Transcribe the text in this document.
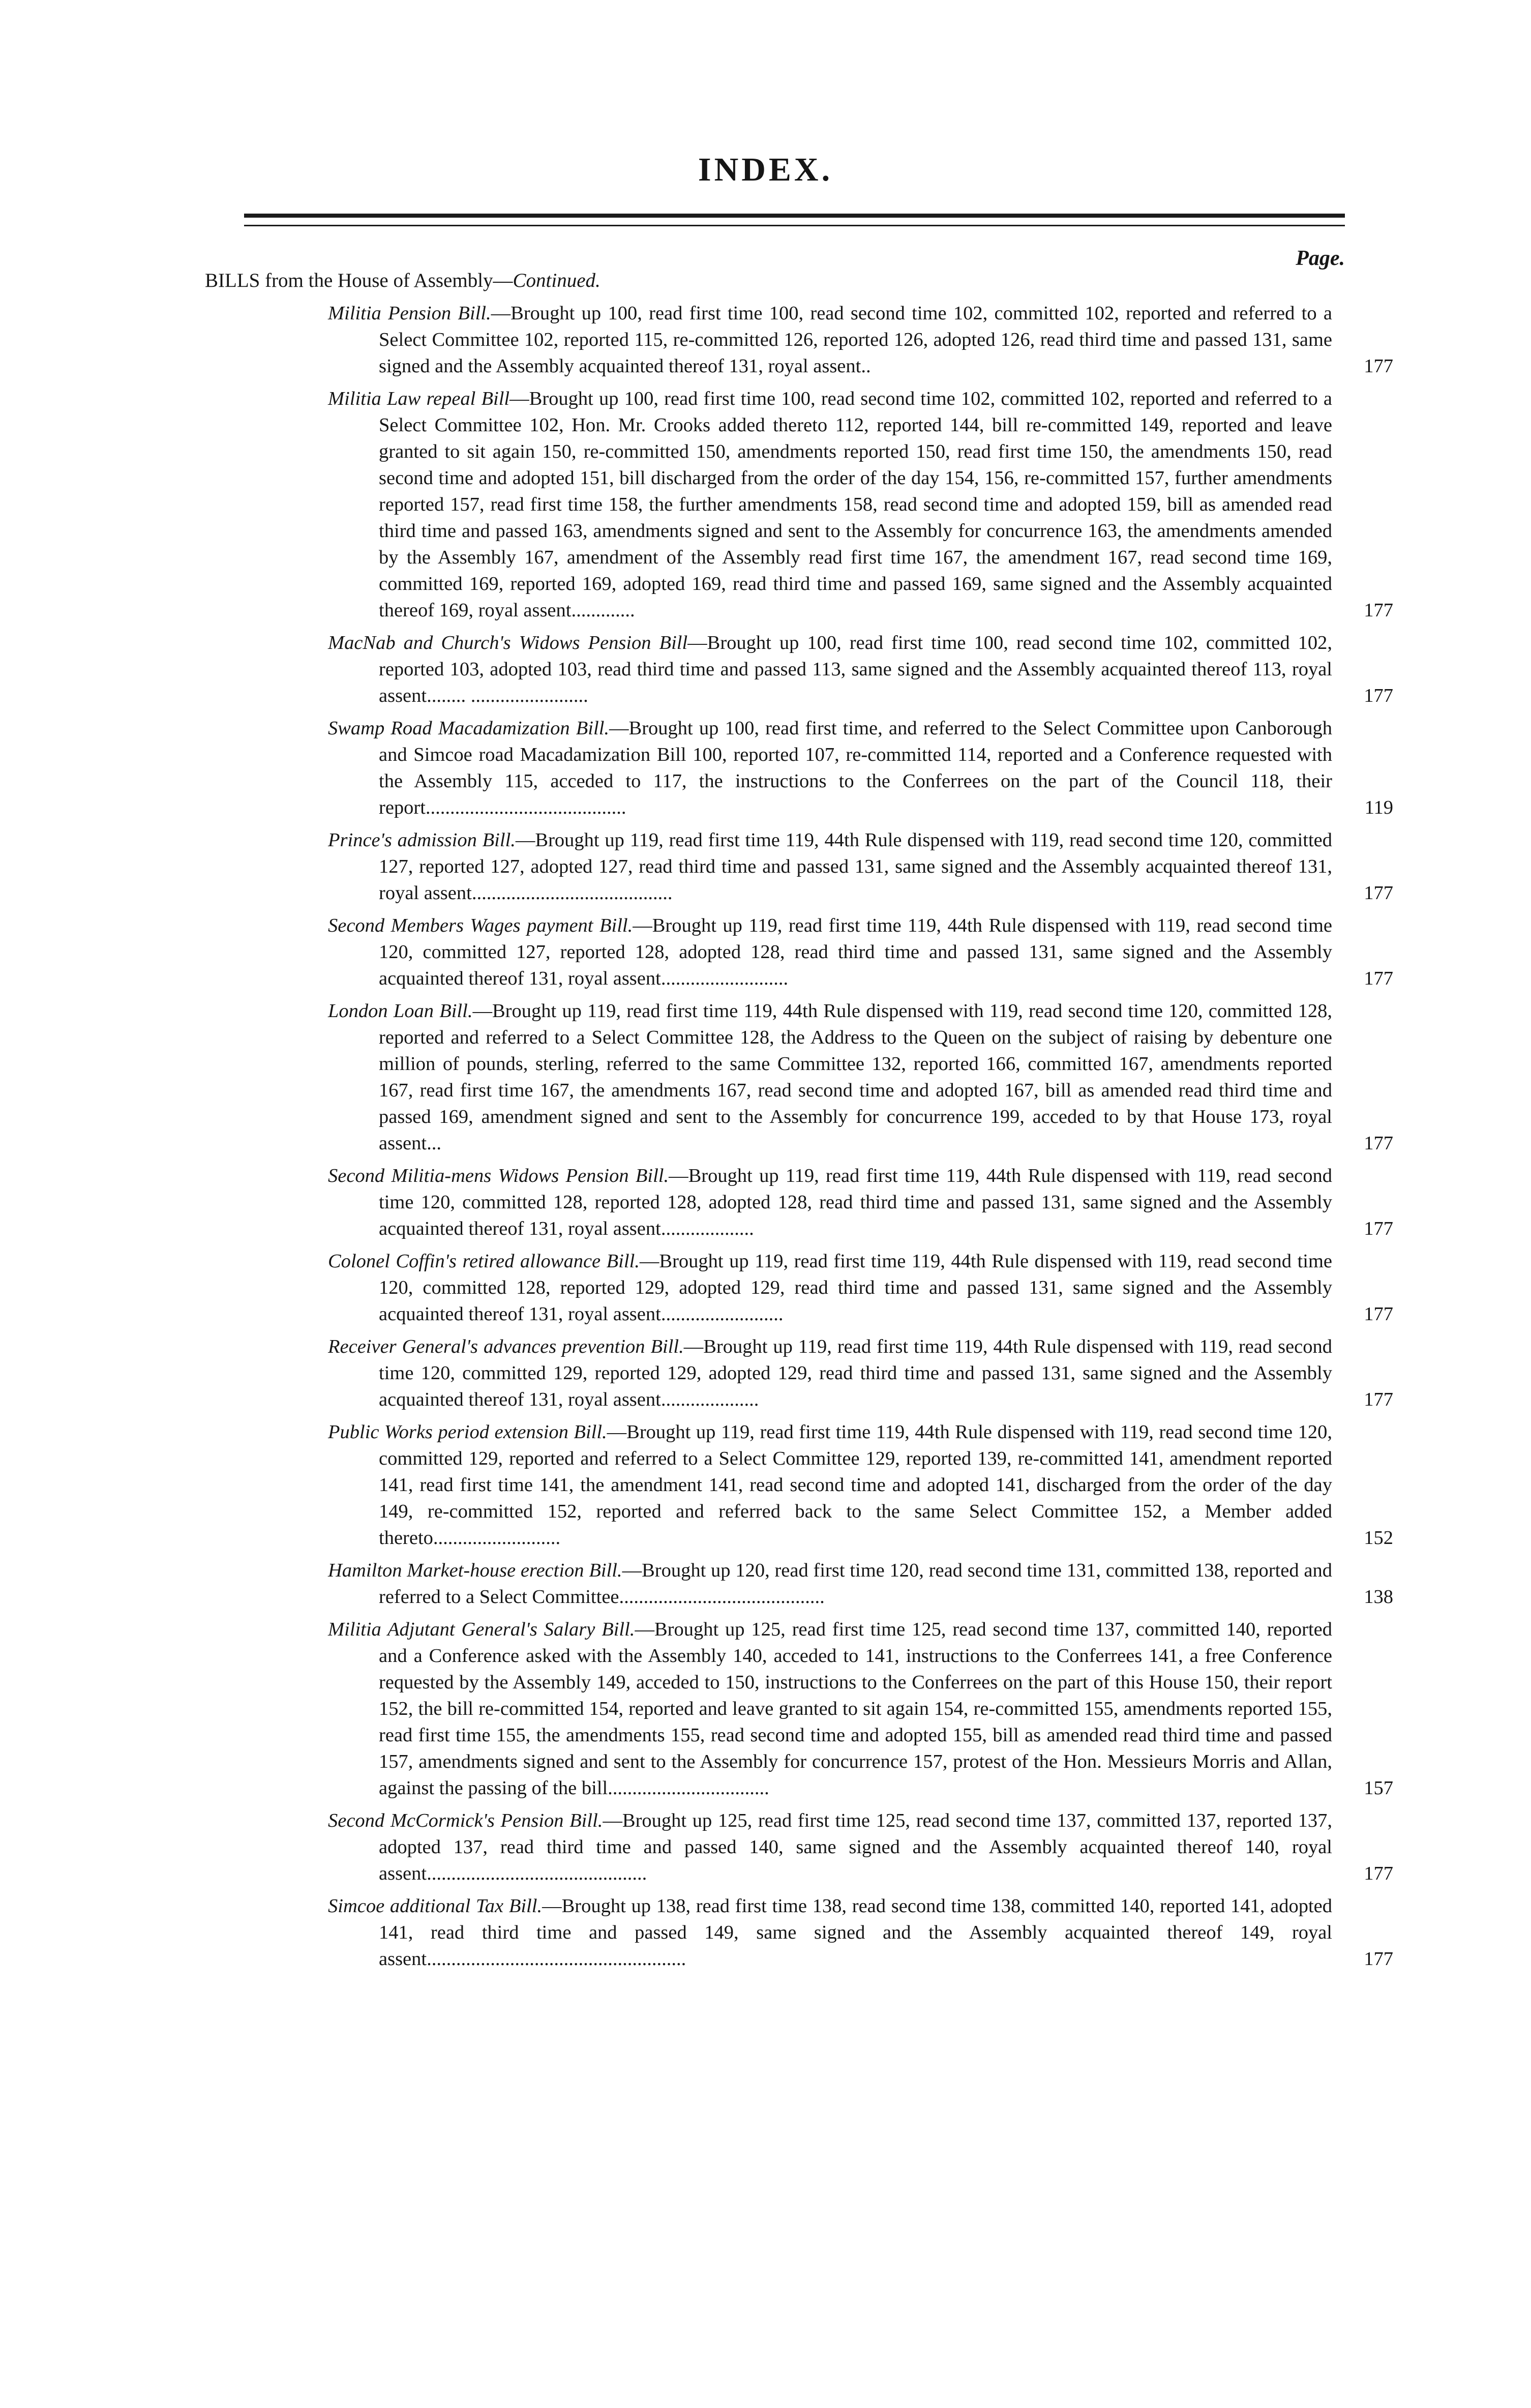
INDEX.
Page.
BILLS from the House of Assembly—Continued.
Militia Pension Bill.—Brought up 100, read first time 100, read second time 102, committed 102, reported and referred to a Select Committee 102, reported 115, re-committed 126, reported 126, adopted 126, read third time and passed 131, same signed and the Assembly acquainted thereof 131, royal assent..	177
Militia Law repeal Bill—Brought up 100, read first time 100, read second time 102, committed 102, reported and referred to a Select Committee 102, Hon. Mr. Crooks added thereto 112, reported 144, bill re-committed 149, reported and leave granted to sit again 150, re-committed 150, amendments reported 150, read first time 150, the amendments 150, read second time and adopted 151, bill discharged from the order of the day 154, 156, re-committed 157, further amendments reported 157, read first time 158, the further amendments 158, read second time and adopted 159, bill as amended read third time and passed 163, amendments signed and sent to the Assembly for concurrence 163, the amendments amended by the Assembly 167, amendment of the Assembly read first time 167, the amendment 167, read second time 169, committed 169, reported 169, adopted 169, read third time and passed 169, same signed and the Assembly acquainted thereof 169, royal assent.............	177
MacNab and Church's Widows Pension Bill—Brought up 100, read first time 100, read second time 102, committed 102, reported 103, adopted 103, read third time and passed 113, same signed and the Assembly acquainted thereof 113, royal assent........ ........................	177
Swamp Road Macadamization Bill.—Brought up 100, read first time, and referred to the Select Committee upon Canborough and Simcoe road Macadamization Bill 100, reported 107, re-committed 114, reported and a Conference requested with the Assembly 115, acceded to 117, the instructions to the Conferrees on the part of the Council 118, their report.........................................	119
Prince's admission Bill.—Brought up 119, read first time 119, 44th Rule dispensed with 119, read second time 120, committed 127, reported 127, adopted 127, read third time and passed 131, same signed and the Assembly acquainted thereof 131, royal assent.........................................	177
Second Members Wages payment Bill.—Brought up 119, read first time 119, 44th Rule dispensed with 119, read second time 120, committed 127, reported 128, adopted 128, read third time and passed 131, same signed and the Assembly acquainted thereof 131, royal assent..........................	177
London Loan Bill.—Brought up 119, read first time 119, 44th Rule dispensed with 119, read second time 120, committed 128, reported and referred to a Select Committee 128, the Address to the Queen on the subject of raising by debenture one million of pounds, sterling, referred to the same Committee 132, reported 166, committed 167, amendments reported 167, read first time 167, the amendments 167, read second time and adopted 167, bill as amended read third time and passed 169, amendment signed and sent to the Assembly for concurrence 199, acceded to by that House 173, royal assent...	177
Second Militia-mens Widows Pension Bill.—Brought up 119, read first time 119, 44th Rule dispensed with 119, read second time 120, committed 128, reported 128, adopted 128, read third time and passed 131, same signed and the Assembly acquainted thereof 131, royal assent...................	177
Colonel Coffin's retired allowance Bill.—Brought up 119, read first time 119, 44th Rule dispensed with 119, read second time 120, committed 128, reported 129, adopted 129, read third time and passed 131, same signed and the Assembly acquainted thereof 131, royal assent.........................	177
Receiver General's advances prevention Bill.—Brought up 119, read first time 119, 44th Rule dispensed with 119, read second time 120, committed 129, reported 129, adopted 129, read third time and passed 131, same signed and the Assembly acquainted thereof 131, royal assent....................	177
Public Works period extension Bill.—Brought up 119, read first time 119, 44th Rule dispensed with 119, read second time 120, committed 129, reported and referred to a Select Committee 129, reported 139, re-committed 141, amendment reported 141, read first time 141, the amendment 141, read second time and adopted 141, discharged from the order of the day 149, re-committed 152, reported and referred back to the same Select Committee 152, a Member added thereto..........................	152
Hamilton Market-house erection Bill.—Brought up 120, read first time 120, read second time 131, committed 138, reported and referred to a Select Committee..........................................	138
Militia Adjutant General's Salary Bill.—Brought up 125, read first time 125, read second time 137, committed 140, reported and a Conference asked with the Assembly 140, acceded to 141, instructions to the Conferrees 141, a free Conference requested by the Assembly 149, acceded to 150, instructions to the Conferrees on the part of this House 150, their report 152, the bill re-committed 154, reported and leave granted to sit again 154, re-committed 155, amendments reported 155, read first time 155, the amendments 155, read second time and adopted 155, bill as amended read third time and passed 157, amendments signed and sent to the Assembly for concurrence 157, protest of the Hon. Messieurs Morris and Allan, against the passing of the bill.................................	157
Second McCormick's Pension Bill.—Brought up 125, read first time 125, read second time 137, committed 137, reported 137, adopted 137, read third time and passed 140, same signed and the Assembly acquainted thereof 140, royal assent.............................................	177
Simcoe additional Tax Bill.—Brought up 138, read first time 138, read second time 138, committed 140, reported 141, adopted 141, read third time and passed 149, same signed and the Assembly acquainted thereof 149, royal assent.....................................................	177
